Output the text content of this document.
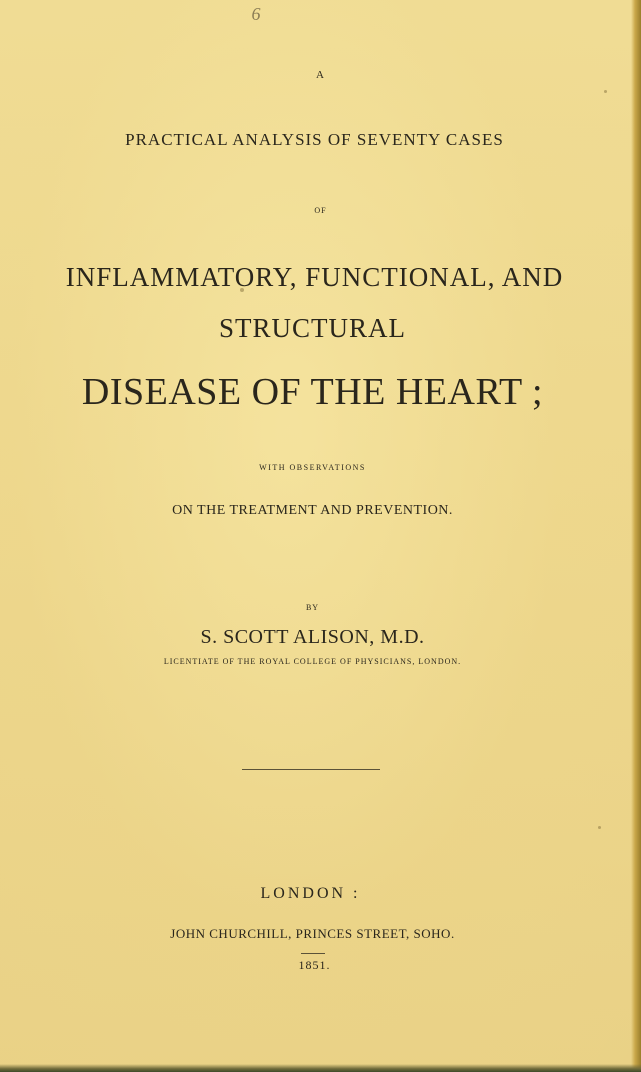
6
A
PRACTICAL ANALYSIS OF SEVENTY CASES
OF
INFLAMMATORY, FUNCTIONAL, AND
STRUCTURAL
DISEASE OF THE HEART ;
WITH OBSERVATIONS
ON THE TREATMENT AND PREVENTION.
BY
S. SCOTT ALISON, M.D.
LICENTIATE OF THE ROYAL COLLEGE OF PHYSICIANS, LONDON.
LONDON :
JOHN CHURCHILL, PRINCES STREET, SOHO.
1851.
